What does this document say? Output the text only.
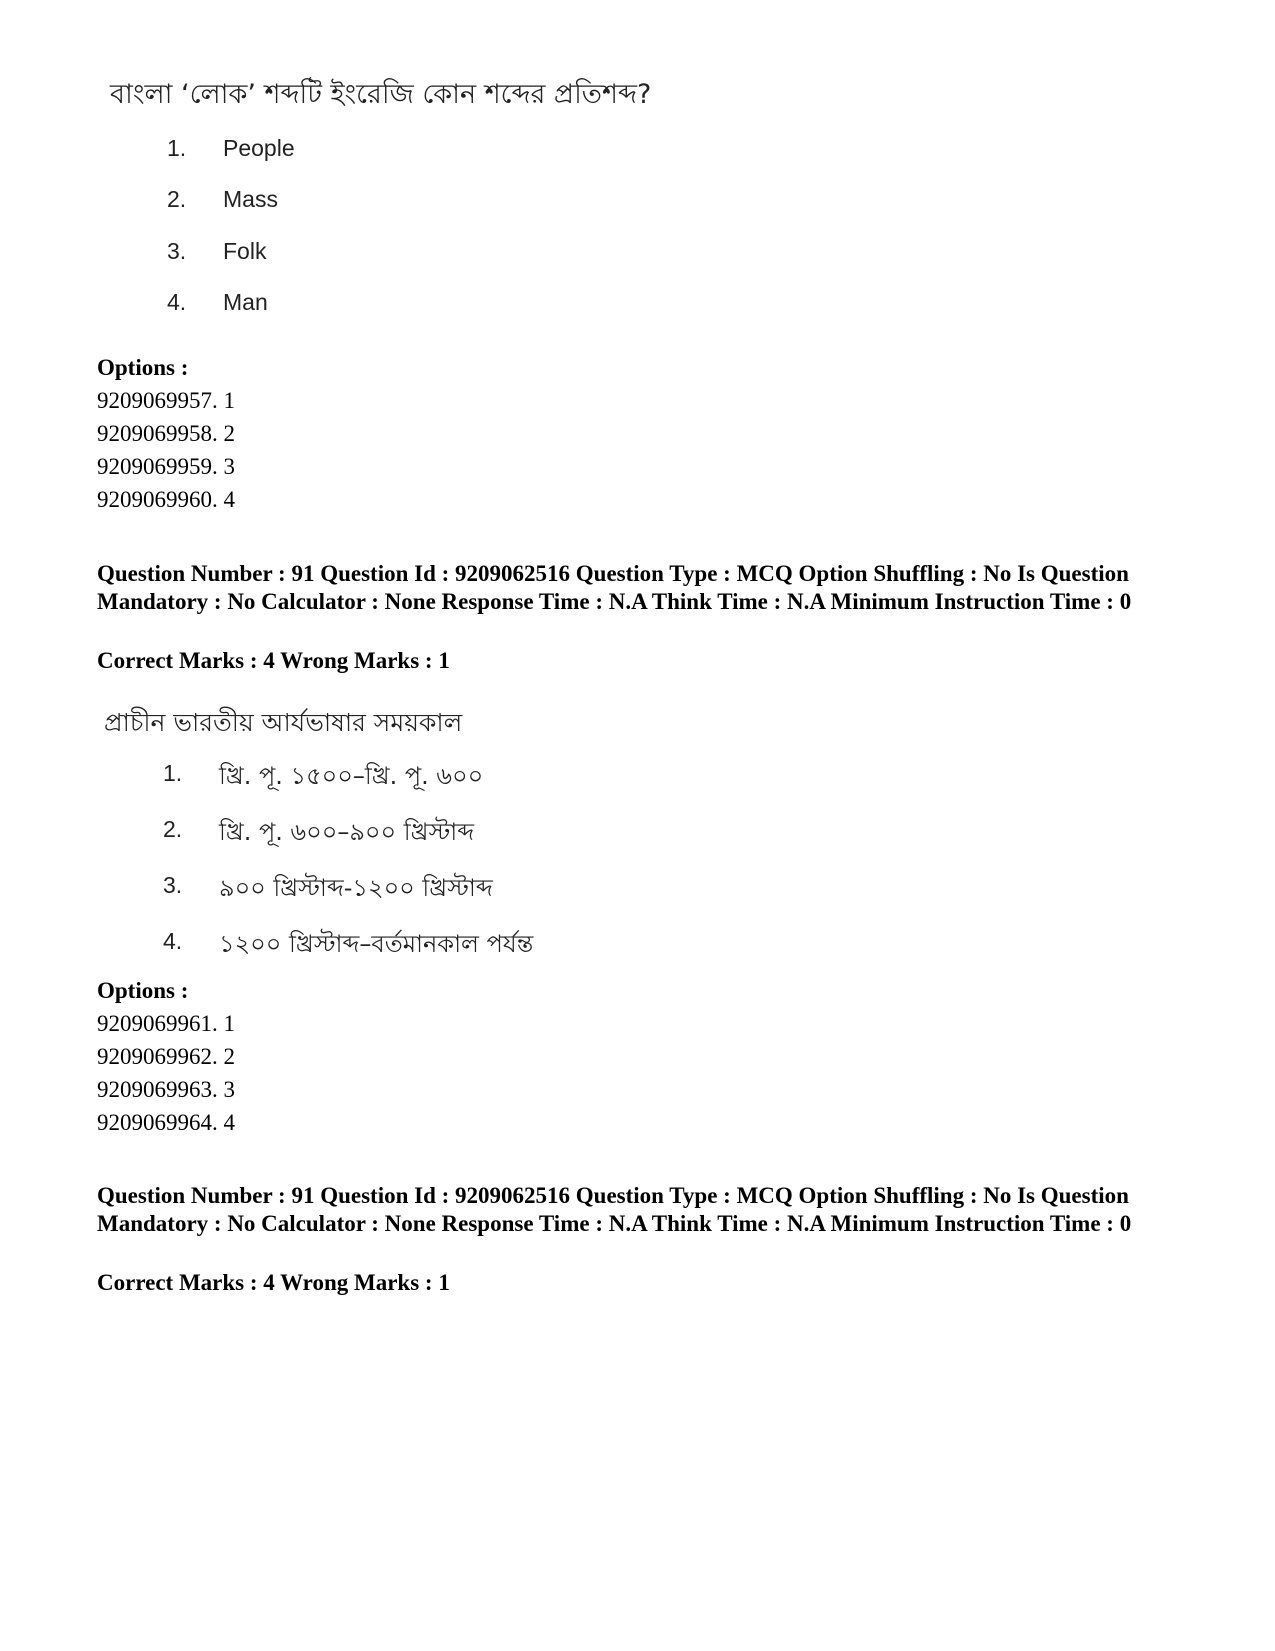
বাংলা ‘লোক’ শব্দটি ইংরেজি কোন শব্দের প্রতিশব্দ?
1. People
2. Mass
3. Folk
4. Man
Options :
9209069957. 1
9209069958. 2
9209069959. 3
9209069960. 4
Question Number : 91 Question Id : 9209062516 Question Type : MCQ Option Shuffling : No Is Question Mandatory : No Calculator : None Response Time : N.A Think Time : N.A Minimum Instruction Time : 0
Correct Marks : 4 Wrong Marks : 1
প্রাচীন ভারতীয় আর্যভাষার সময়কাল
1. খ্রি. পূ. ১৫০০–খ্রি. পূ. ৬০০
2. খ্রি. পূ. ৬০০–৯০০ খ্রিস্টাব্দ
3. ৯০০ খ্রিস্টাব্দ-১২০০ খ্রিস্টাব্দ
4. ১২০০ খ্রিস্টাব্দ–বর্তমানকাল পর্যন্ত
Options :
9209069961. 1
9209069962. 2
9209069963. 3
9209069964. 4
Question Number : 91 Question Id : 9209062516 Question Type : MCQ Option Shuffling : No Is Question Mandatory : No Calculator : None Response Time : N.A Think Time : N.A Minimum Instruction Time : 0
Correct Marks : 4 Wrong Marks : 1
